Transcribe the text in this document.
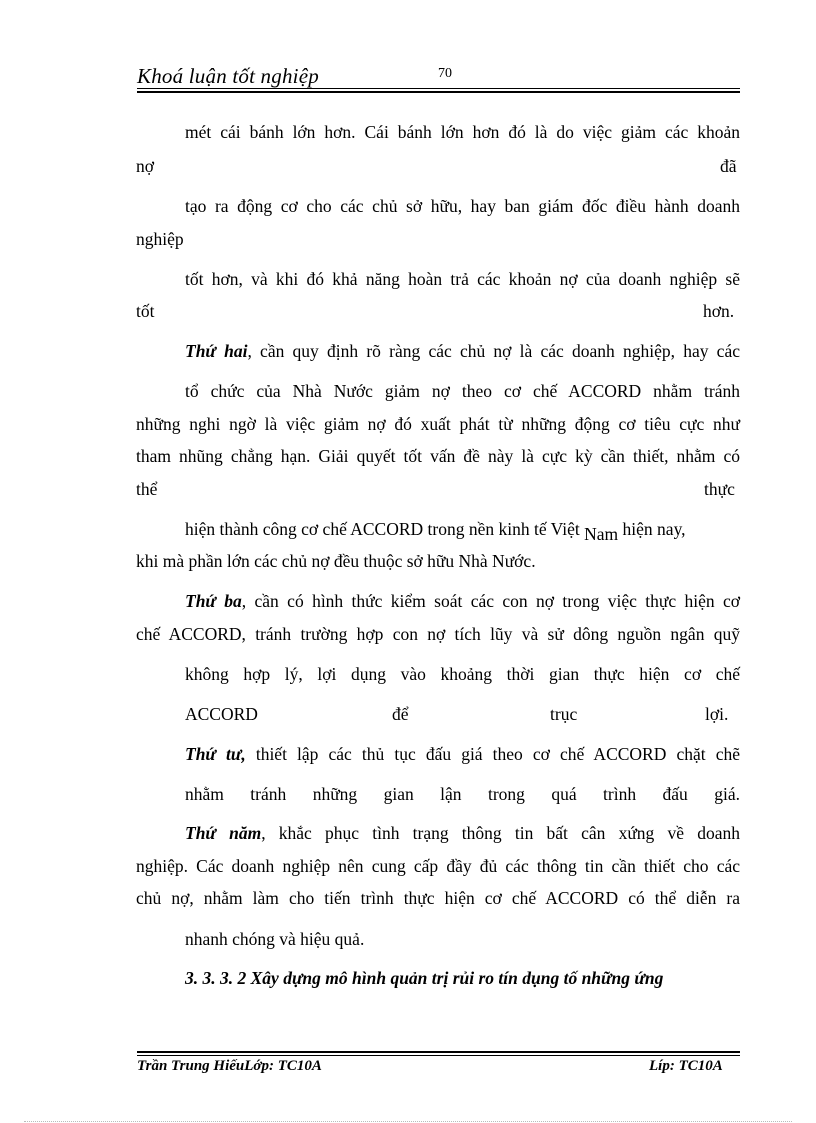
Khoá luận tốt nghiệp	70
mét cái bánh lớn hơn. Cái bánh lớn hơn đó là do việc giảm các khoản
nợ	đã
tạo ra động cơ cho các chủ sở hữu, hay ban giám đốc điều hành doanh
nghiệp
tốt hơn, và khi đó khả năng hoàn trả các khoản nợ của doanh nghiệp sẽ
tốt	hơn.
Thứ hai, cần quy định rõ ràng các chủ nợ là các doanh nghiệp, hay các
tổ chức của Nhà Nước giảm nợ theo cơ chế ACCORD nhằm tránh
những nghi ngờ là việc giảm nợ đó xuất phát từ những động cơ tiêu cực như
tham nhũng chẳng hạn. Giải quyết tốt vấn đề này là cực kỳ cần thiết, nhằm có
thể	thực
hiện thành công cơ chế ACCORD trong nền kinh tế Việt Nam hiện nay,
khi mà phần lớn các chủ nợ đều thuộc sở hữu Nhà Nước.
Thứ ba, cần có hình thức kiểm soát các con nợ trong việc thực hiện cơ
chế ACCORD, tránh trường hợp con nợ tích lũy và sử dông nguồn ngân quỹ
không hợp lý, lợi dụng vào khoảng thời gian thực hiện cơ chế
ACCORD	để	trục	lợi.
Thứ tư, thiết lập các thủ tục đấu giá theo cơ chế ACCORD chặt chẽ
nhằm tránh những gian lận trong quá trình đấu giá.
Thứ năm, khắc phục tình trạng thông tin bất cân xứng về doanh
nghiệp. Các doanh nghiệp nên cung cấp đầy đủ các thông tin cần thiết cho các
chủ nợ, nhằm làm cho tiến trình thực hiện cơ chế ACCORD có thể diễn ra
nhanh chóng và hiệu quả.
3. 3. 3. 2 Xây dựng mô hình quản trị rủi ro tín dụng tố những ứng
Trần Trung HiếuLớp: TC10A	Líp: TC10A
